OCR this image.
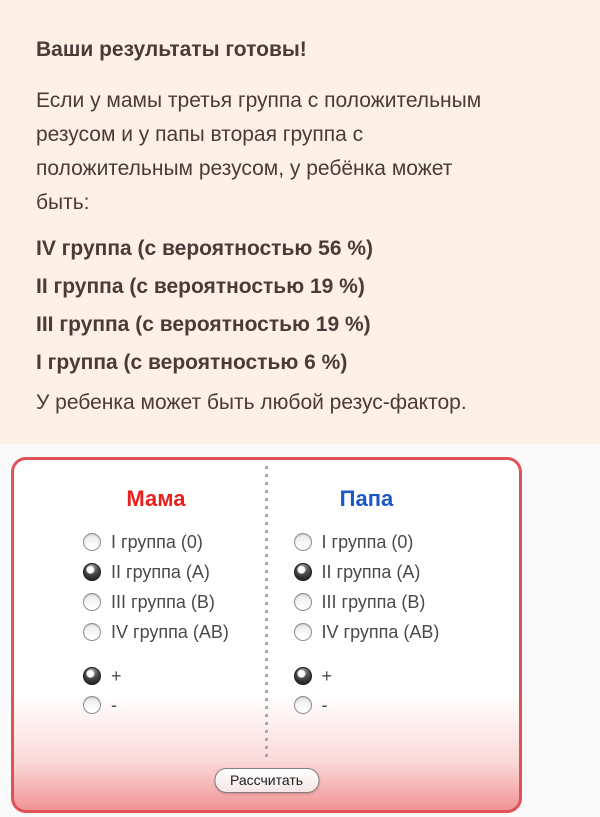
Ваши результаты готовы!
Если у мамы третья группа с положительным
резусом и у папы вторая группа с
положительным резусом, у ребёнка может
быть:
IV группа (с вероятностью 56 %)
II группа (с вероятностью 19 %)
III группа (с вероятностью 19 %)
I группа (с вероятностью 6 %)

У ребенка может быть любой резус-фактор.

Мама
I группа (0)
II группа (A)
III группа (B)
IV группа (AB)
+
-
Папа
I группа (0)
II группа (A)
III группа (B)
IV группа (AB)
+
-
Рассчитать
